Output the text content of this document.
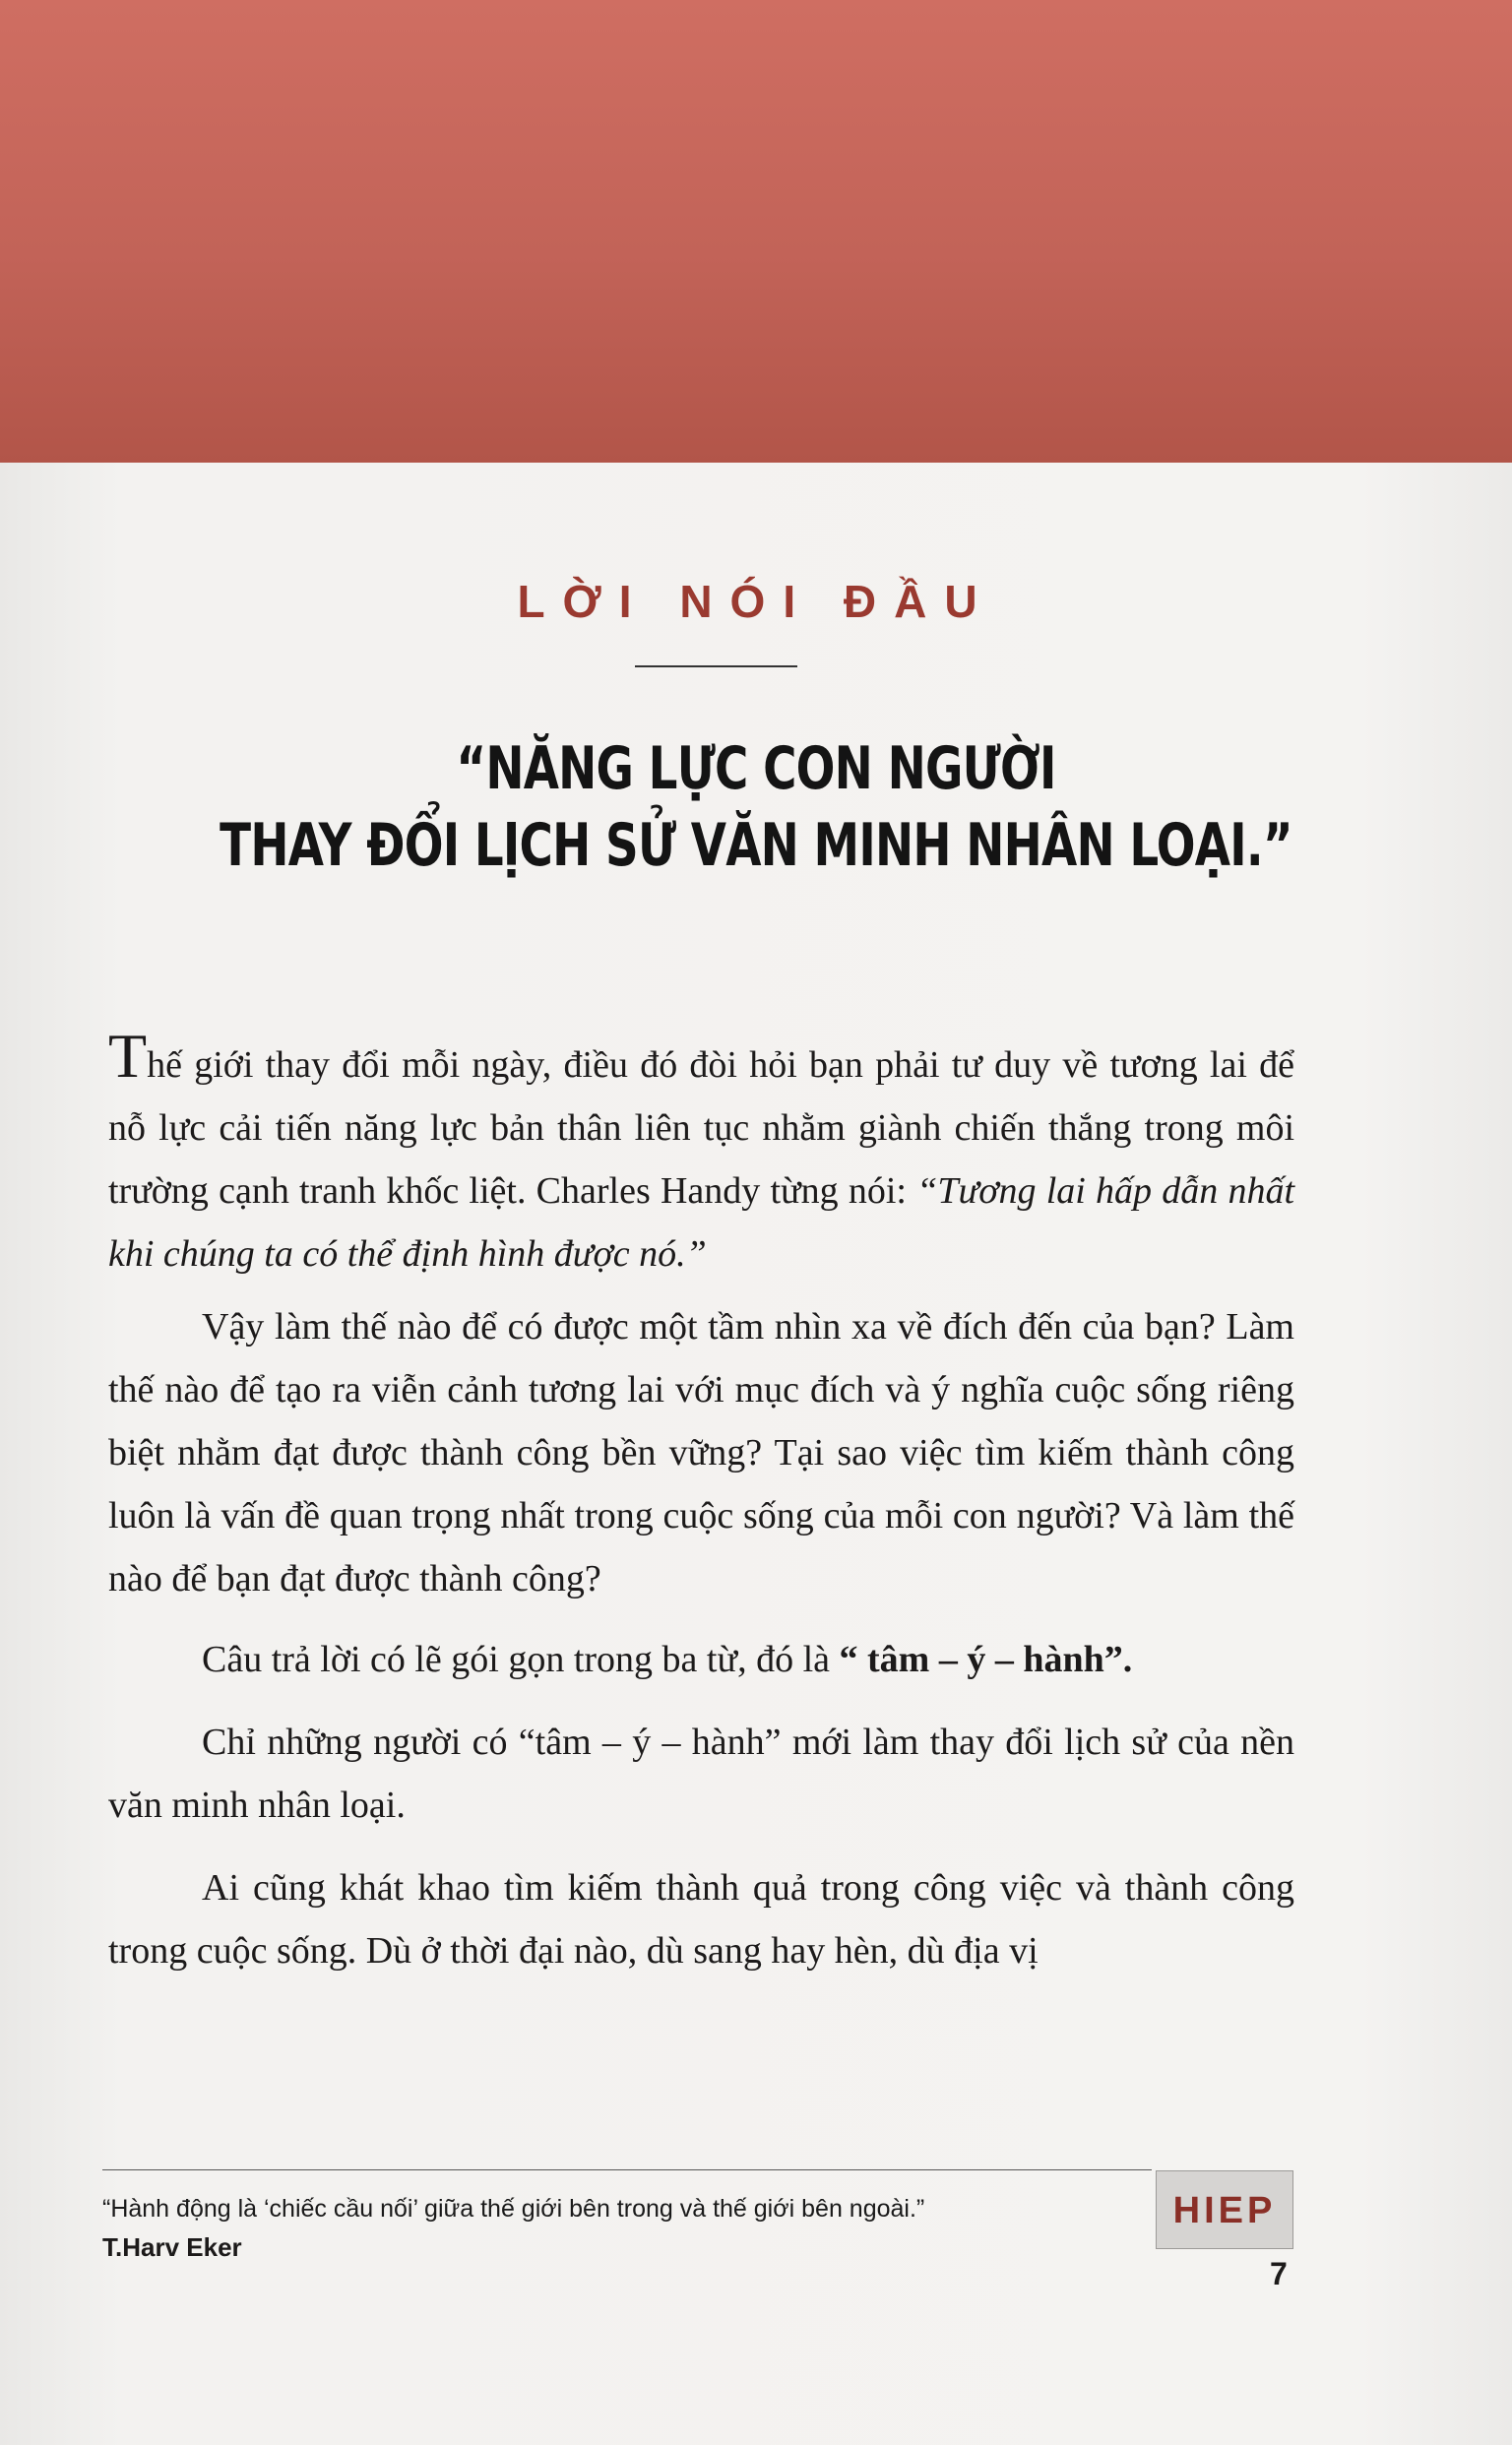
LỜI NÓI ĐẦU
“NĂNG LỰC CON NGƯỜI
THAY ĐỔI LỊCH SỬ VĂN MINH NHÂN LOẠI.”

Thế giới thay đổi mỗi ngày, điều đó đòi hỏi bạn phải tư duy về tương lai để nỗ lực cải tiến năng lực bản thân liên tục nhằm giành chiến thắng trong môi trường cạnh tranh khốc liệt. Charles Handy từng nói: “Tương lai hấp dẫn nhất khi chúng ta có thể định hình được nó.”

Vậy làm thế nào để có được một tầm nhìn xa về đích đến của bạn? Làm thế nào để tạo ra viễn cảnh tương lai với mục đích và ý nghĩa cuộc sống riêng biệt nhằm đạt được thành công bền vững? Tại sao việc tìm kiếm thành công luôn là vấn đề quan trọng nhất trong cuộc sống của mỗi con người? Và làm thế nào để bạn đạt được thành công?

Câu trả lời có lẽ gói gọn trong ba từ, đó là “ tâm – ý – hành”.

Chỉ những người có “tâm – ý – hành” mới làm thay đổi lịch sử của nền văn minh nhân loại.

Ai cũng khát khao tìm kiếm thành quả trong công việc và thành công trong cuộc sống. Dù ở thời đại nào, dù sang hay hèn, dù địa vị

“Hành động là ‘chiếc cầu nối’ giữa thế giới bên trong và thế giới bên ngoài.”
T.Harv Eker
HIEP
7
